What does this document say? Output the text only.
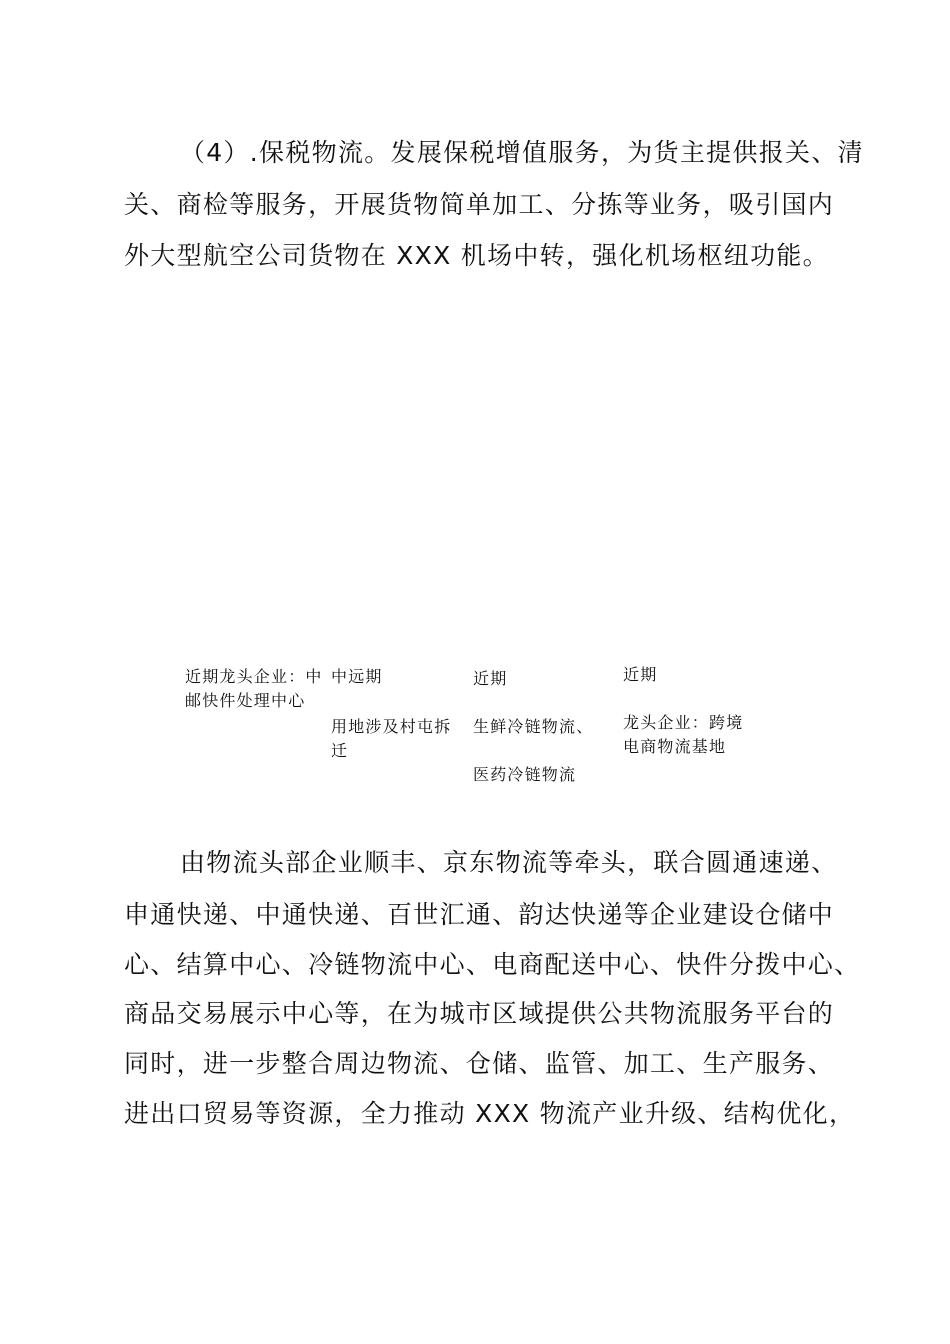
（4）.保税物流。发展保税增值服务，为货主提供报关、清
关、商检等服务，开展货物简单加工、分拣等业务，吸引国内
外大型航空公司货物在 XXX 机场中转，强化机场枢纽功能。
近期龙头企业：中邮快件处理中心
中远期
用地涉及村屯拆迁
近期
生鲜冷链物流、
医药冷链物流
近期
龙头企业：跨境
电商物流基地
由物流头部企业顺丰、京东物流等牵头，联合圆通速递、
申通快递、中通快递、百世汇通、韵达快递等企业建设仓储中
心、结算中心、冷链物流中心、电商配送中心、快件分拨中心、
商品交易展示中心等，在为城市区域提供公共物流服务平台的
同时，进一步整合周边物流、仓储、监管、加工、生产服务、
进出口贸易等资源，全力推动 XXX 物流产业升级、结构优化，
